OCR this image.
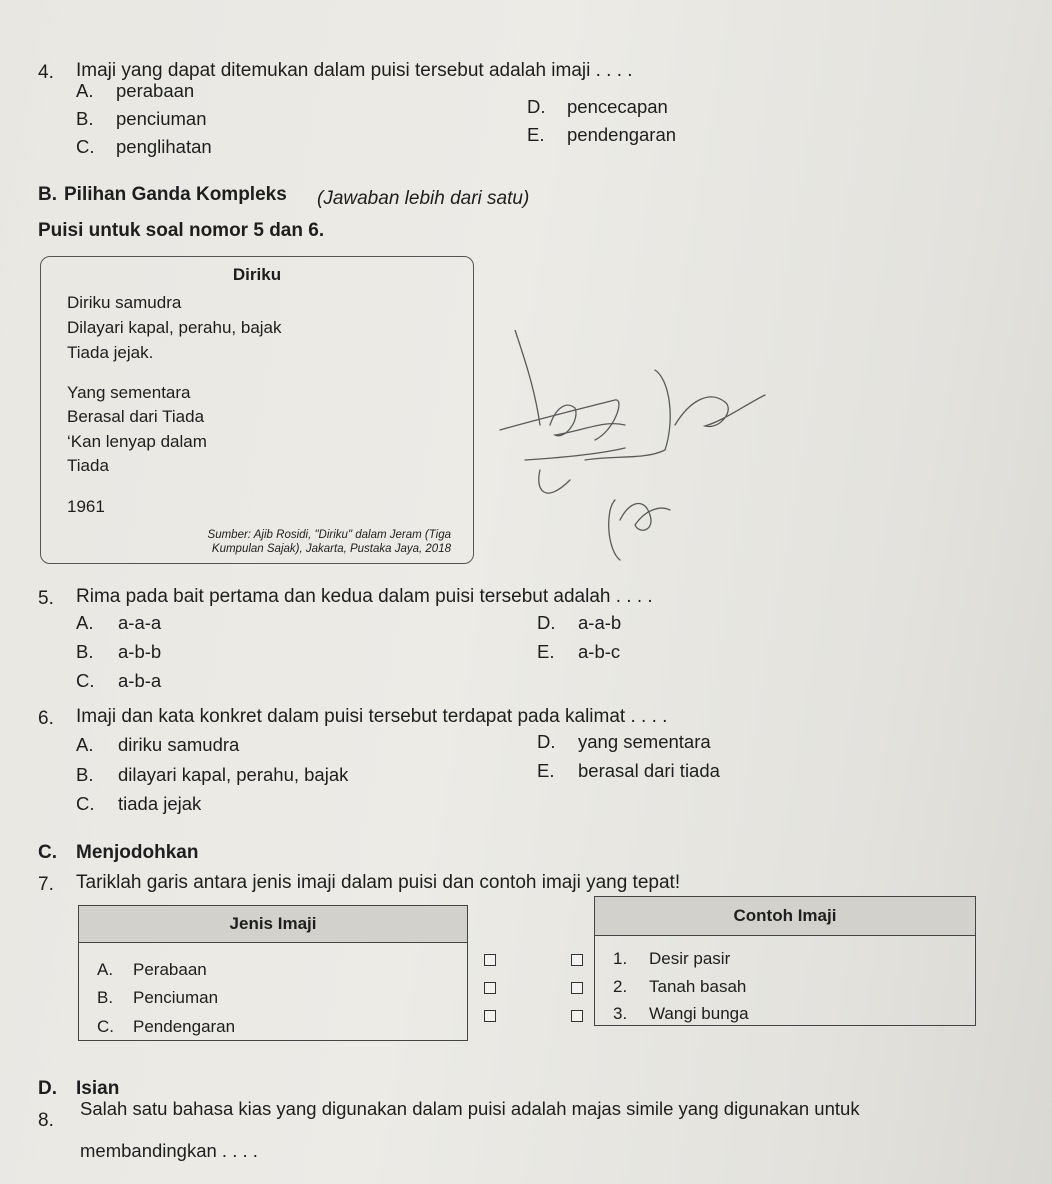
4. Imaji yang dapat ditemukan dalam puisi tersebut adalah imaji . . . .
A. perabaan
B. penciuman
C. penglihatan
D. pencecapan
E. pendengaran
B. Pilihan Ganda Kompleks (Jawaban lebih dari satu)
Puisi untuk soal nomor 5 dan 6.
Diriku
Diriku samudra
Dilayari kapal, perahu, bajak
Tiada jejak.
Yang sementara
Berasal dari Tiada
‘Kan lenyap dalam
Tiada
1961
Sumber: Ajib Rosidi, "Diriku" dalam Jeram (Tiga
Kumpulan Sajak), Jakarta, Pustaka Jaya, 2018
5. Rima pada bait pertama dan kedua dalam puisi tersebut adalah . . . .
A. a-a-a
B. a-b-b
C. a-b-a
D. a-a-b
E. a-b-c
6. Imaji dan kata konkret dalam puisi tersebut terdapat pada kalimat . . . .
A. diriku samudra
B. dilayari kapal, perahu, bajak
C. tiada jejak
D. yang sementara
E. berasal dari tiada
C. Menjodohkan
7. Tariklah garis antara jenis imaji dalam puisi dan contoh imaji yang tepat!
Jenis Imaji
A. Perabaan
B. Penciuman
C. Pendengaran
Contoh Imaji
1. Desir pasir
2. Tanah basah
3. Wangi bunga
D. Isian
8.
Salah satu bahasa kias yang digunakan dalam puisi adalah majas simile yang digunakan untuk
membandingkan . . . .
